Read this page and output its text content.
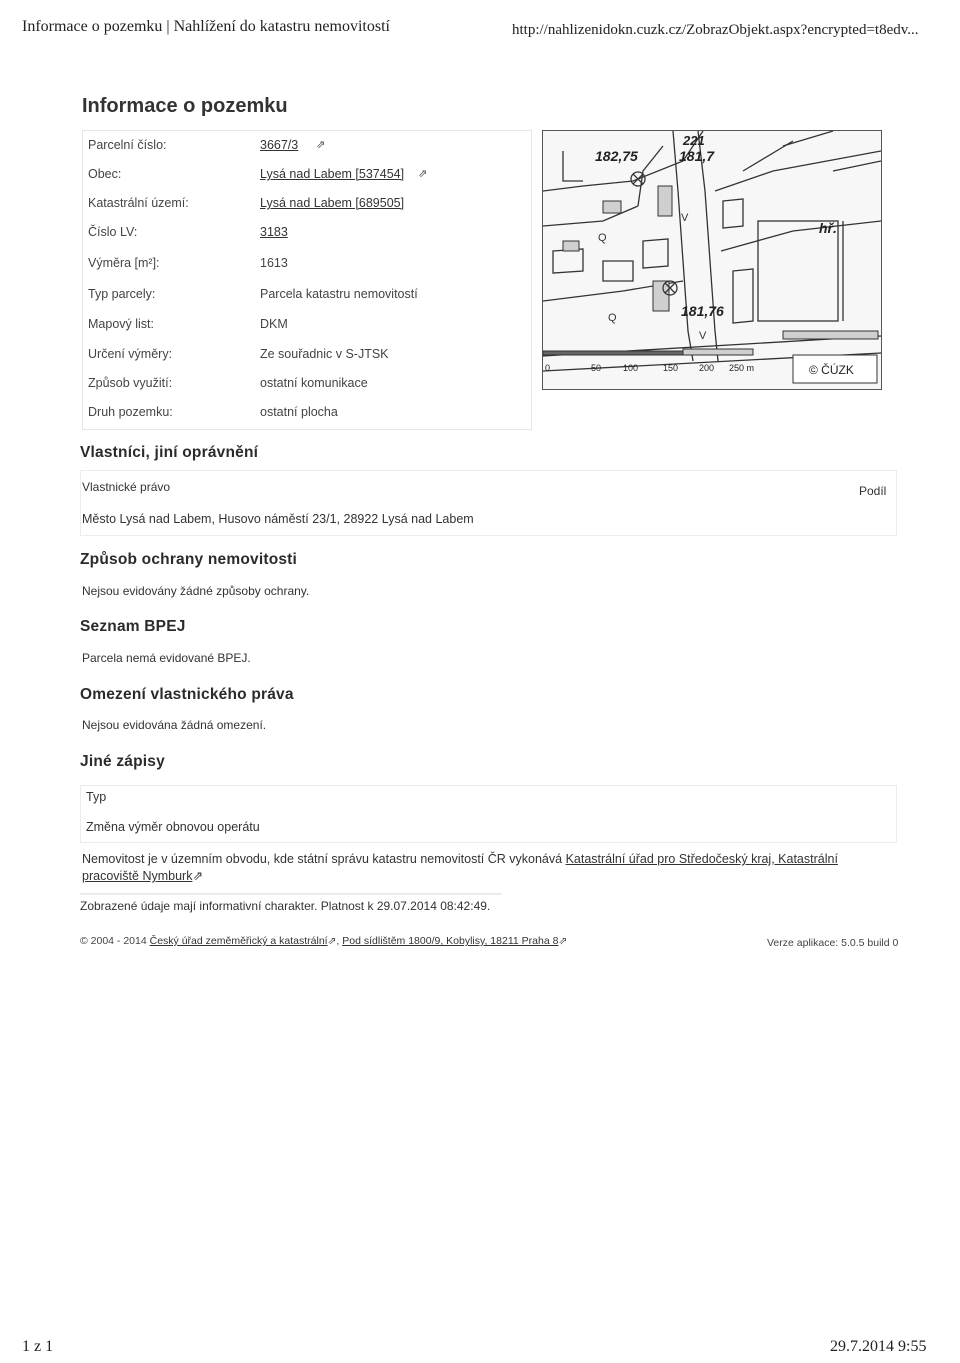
Informace o pozemku | Nahlížení do katastru nemovitostí	http://nahlizenidokn.cuzk.cz/ZobrazObjekt.aspx?encrypted=t8edv...
Informace o pozemku
Parcelní číslo:	3667/3 ⇗
Obec:	Lysá nad Labem [537454] ⇗
Katastrální území:	Lysá nad Labem [689505]
Číslo LV:	3183
Výměra [m²]:	1613
Typ parcely:	Parcela katastru nemovitostí
Mapový list:	DKM
Určení výměry:	Ze souřadnic v S-JTSK
Způsob využití:	ostatní komunikace
Druh pozemku:	ostatní plocha
182,75
221
181,7
hř.
181,76
V
V
Q
Q
0	50 100	150 200 250 m	© ČÚZK
Vlastníci, jiní oprávnění
Vlastnické právo	Podíl
Město Lysá nad Labem, Husovo náměstí 23/1, 28922 Lysá nad Labem
Způsob ochrany nemovitosti
Nejsou evidovány žádné způsoby ochrany.
Seznam BPEJ
Parcela nemá evidované BPEJ.
Omezení vlastnického práva
Nejsou evidována žádná omezení.
Jiné zápisy
Typ
Změna výměr obnovou operátu
Nemovitost je v územním obvodu, kde státní správu katastru nemovitostí ČR vykonává Katastrální úřad pro Středočeský kraj, Katastrální
pracoviště Nymburk⇗
Zobrazené údaje mají informativní charakter. Platnost k 29.07.2014 08:42:49.
© 2004 - 2014 Český úřad zeměměřický a katastrální⇗, Pod sídlištěm 1800/9, Kobylisy, 18211 Praha 8⇗	Verze aplikace: 5.0.5 build 0
1 z 1	29.7.2014 9:55
